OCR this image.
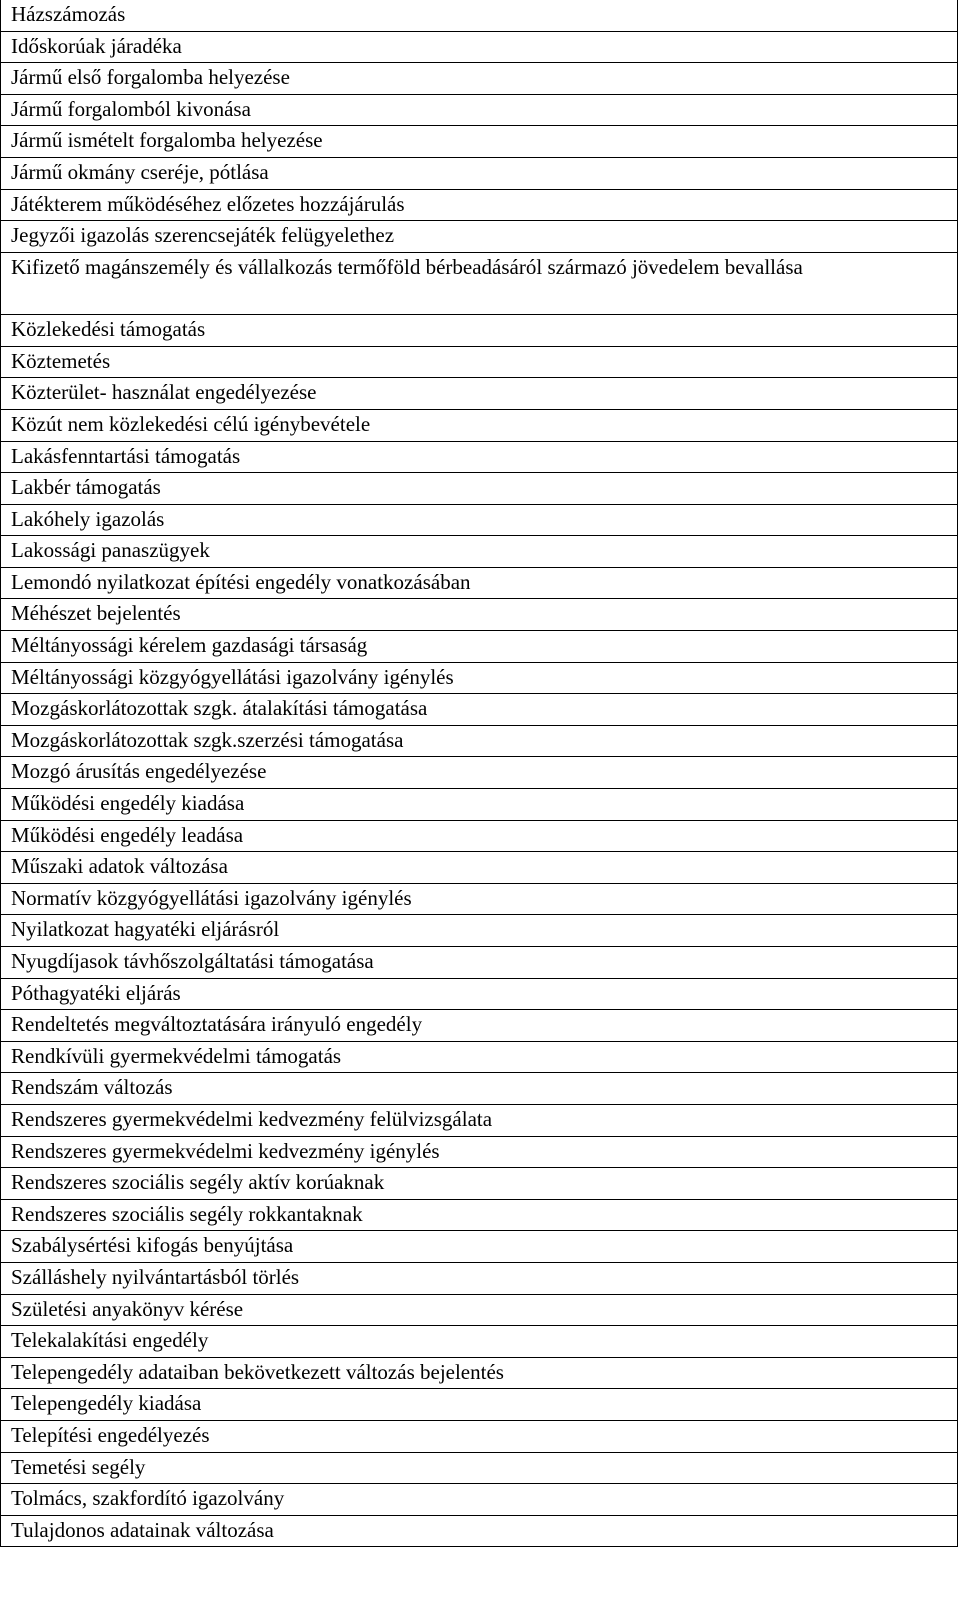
Házszámozás
Időskorúak járadéka
Jármű első forgalomba helyezése
Jármű forgalomból kivonása
Jármű ismételt forgalomba helyezése
Jármű okmány cseréje, pótlása
Játékterem működéséhez előzetes hozzájárulás
Jegyzői igazolás szerencsejáték felügyelethez
Kifizető magánszemély és vállalkozás termőföld bérbeadásáról származó jövedelem bevallása
Közlekedési támogatás
Köztemetés
Közterület- használat engedélyezése
Közút nem közlekedési célú igénybevétele
Lakásfenntartási támogatás
Lakbér támogatás
Lakóhely igazolás
Lakossági panaszügyek
Lemondó nyilatkozat építési engedély vonatkozásában
Méhészet bejelentés
Méltányossági kérelem gazdasági társaság
Méltányossági közgyógyellátási igazolvány igénylés
Mozgáskorlátozottak szgk. átalakítási támogatása
Mozgáskorlátozottak szgk.szerzési támogatása
Mozgó árusítás engedélyezése
Működési engedély kiadása
Működési engedély leadása
Műszaki adatok változása
Normatív közgyógyellátási igazolvány igénylés
Nyilatkozat hagyatéki eljárásról
Nyugdíjasok távhőszolgáltatási támogatása
Póthagyatéki eljárás
Rendeltetés megváltoztatására irányuló engedély
Rendkívüli gyermekvédelmi támogatás
Rendszám változás
Rendszeres gyermekvédelmi kedvezmény felülvizsgálata
Rendszeres gyermekvédelmi kedvezmény igénylés
Rendszeres szociális segély aktív korúaknak
Rendszeres szociális segély rokkantaknak
Szabálysértési kifogás benyújtása
Szálláshely nyilvántartásból törlés
Születési anyakönyv kérése
Telekalakítási engedély
Telepengedély adataiban bekövetkezett változás bejelentés
Telepengedély kiadása
Telepítési engedélyezés
Temetési segély
Tolmács, szakfordító igazolvány
Tulajdonos adatainak változása
